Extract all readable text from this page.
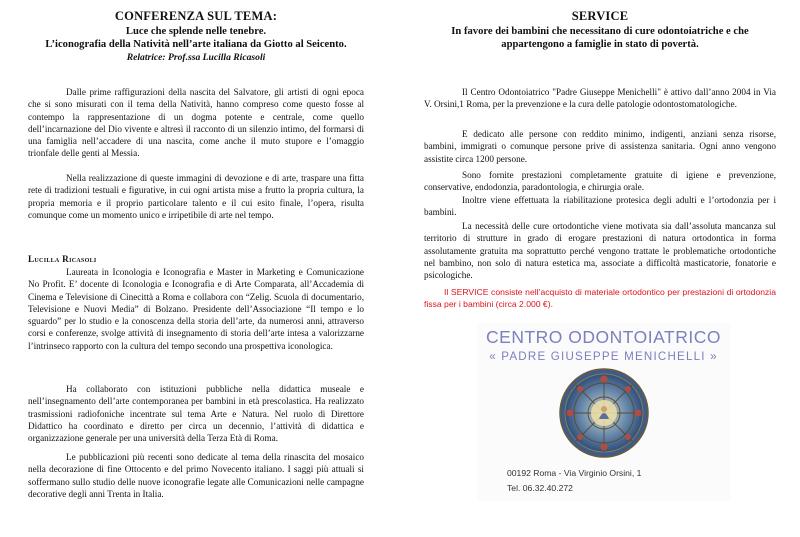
CONFERENZA SUL TEMA:
Luce che splende nelle tenebre.
L’iconografia della Natività nell’arte italiana da Giotto al Seicento.
Relatrice: Prof.ssa Lucilla Ricasoli

Dalle prime raffigurazioni della nascita del Salvatore, gli artisti di ogni epoca che si sono misurati con il tema della Natività, hanno compreso come questo fosse al contempo la rappresentazione di un dogma potente e centrale, come quello dell’incarnazione del Dio vivente e altresì il racconto di un silenzio intimo, del formarsi di una famiglia nell’accadere di una nascita, come anche il muto stupore e l’omaggio trionfale delle genti al Messia.

Nella realizzazione di queste immagini di devozione e di arte, traspare una fitta rete di tradizioni testuali e figurative, in cui ogni artista mise a frutto la propria cultura, la propria memoria e il proprio particolare talento e il cui esito finale, l’opera, risulta comunque come un momento unico e irripetibile di arte nel tempo.

Lucilla Ricasoli

Laureata in Iconologia e Iconografia e Master in Marketing e Comunicazione No Profit. E’ docente di Iconologia e Iconografia e di Arte Comparata, all’Accademia di Cinema e Televisione di Cinecittà a Roma e collabora con “Zelig. Scuola di documentario, Televisione e Nuovi Media” di Bolzano. Presidente dell’Associazione “Il tempo e lo sguardo” per lo studio e la conoscenza della storia dell’arte, da numerosi anni, attraverso corsi e conferenze, svolge attività di insegnamento di storia dell’arte intesa a valorizzarne l’intrinseco rapporto con la cultura del tempo secondo una prospettiva iconologica.

Ha collaborato con istituzioni pubbliche nella didattica museale e nell’insegnamento dell’arte contemporanea per bambini in età prescolastica. Ha realizzato trasmissioni radiofoniche incentrate sul tema Arte e Natura. Nel ruolo di Direttore Didattico ha coordinato e diretto per circa un decennio, l’attività di didattica e organizzazione generale per una università della Terza Età di Roma.

Le pubblicazioni più recenti sono dedicate al tema della rinascita del mosaico nella decorazione di fine Ottocento e del primo Novecento italiano. I saggi più attuali si soffermano sullo studio delle nuove iconografie legate alle Comunicazioni nelle campagne decorative degli anni Trenta in Italia.

SERVICE
In favore dei bambini che necessitano di cure odontoiatriche e che appartengono a famiglie in stato di povertà.

Il Centro Odontoiatrico "Padre Giuseppe Menichelli" è attivo dall’anno 2004 in Via V. Orsini,1 Roma, per la prevenzione e la cura delle patologie odontostomatologiche.

E dedicato alle persone con reddito minimo, indigenti, anziani senza risorse, bambini, immigrati o comunque persone prive di assistenza sanitaria. Ogni anno vengono assistite circa 1200 persone.

Sono fornite prestazioni completamente gratuite di igiene e prevenzione, conservative, endodonzia, paradontologia, e chirurgia orale.

Inoltre viene effettuata la riabilitazione protesica degli adulti e l’ortodonzia per i bambini.

La necessità delle cure ortodontiche viene motivata sia dall’assoluta mancanza sul territorio di strutture in grado di erogare prestazioni di natura ortodontica in forma assolutamente gratuita ma soprattutto perché vengono trattate le problematiche ortodontiche nel bambino, non solo di natura estetica ma, associate a difficoltà masticatorie, fonatorie e psicologiche.

Il SERVICE consiste nell’acquisto di materiale ortodontico per prestazioni di ortodonzia fissa per i bambini (circa 2.000 €).

CENTRO ODONTOIATRICO
« PADRE GIUSEPPE MENICHELLI »
00192 Roma - Via Virginio Orsini, 1
Tel. 06.32.40.272
